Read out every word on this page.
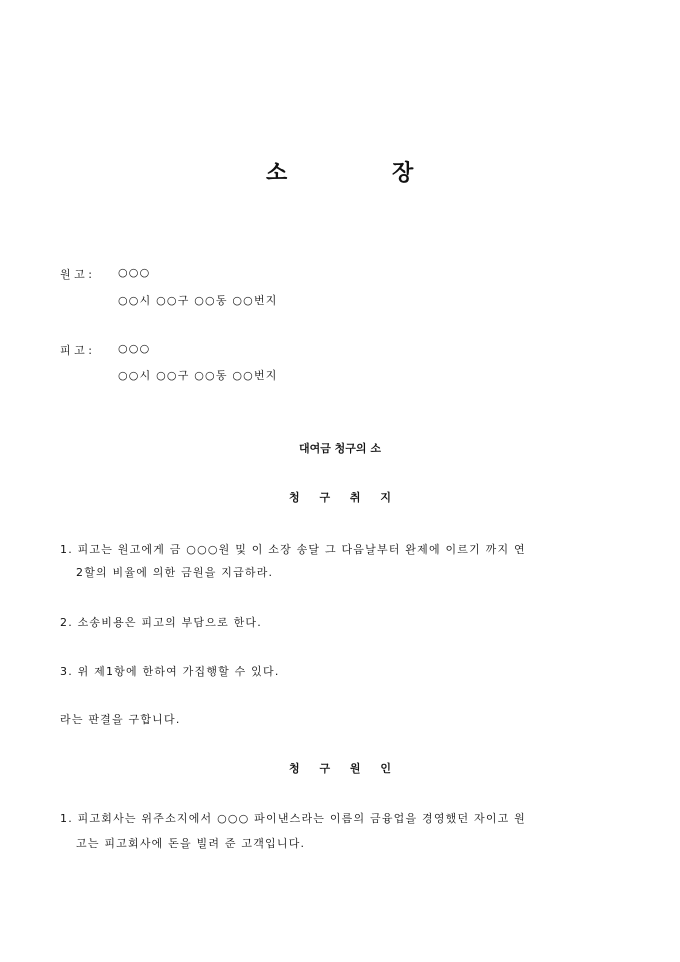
소	장
원 고 : ○○○
○○시 ○○구 ○○동 ○○번지
피 고 : ○○○
○○시 ○○구 ○○동 ○○번지
대여금 청구의 소
청 구 취 지
1. 피고는 원고에게 금 ○○○원 및 이 소장 송달 그 다음날부터 완제에 이르기 까지 연
2할의 비율에 의한 금원을 지급하라.
2. 소송비용은 피고의 부담으로 한다.
3. 위 제1항에 한하여 가집행할 수 있다.
라는 판결을 구합니다.
청 구 원 인
1. 피고회사는 위주소지에서 ○○○ 파이낸스라는 이름의 금융업을 경영했던 자이고 원
고는 피고회사에 돈을 빌려 준 고객입니다.
